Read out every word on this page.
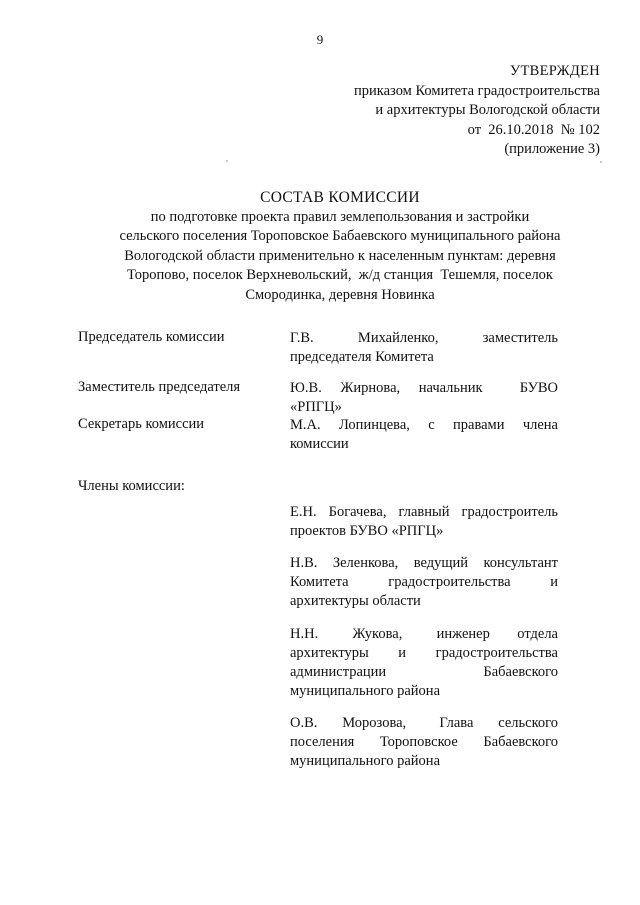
9
УТВЕРЖДЕН
приказом Комитета градостроительства
и архитектуры Вологодской области
от  26.10.2018  № 102
(приложение 3)
СОСТАВ КОМИССИИ
по подготовке проекта правил землепользования и застройки
сельского поселения Тороповское Бабаевского муниципального района
Вологодской области применительно к населенным пунктам: деревня
Торопово, поселок Верхневольский,  ж/д станция  Тешемля, поселок
Смородинка, деревня Новинка
Председатель комиссии	Г.В.        Михайленко,        заместитель
председателя Комитета
Заместитель председателя	Ю.В.  Жирнова,  начальник    БУВО
«РПГЦ»
Секретарь комиссии	М.А.  Лопинцева,  с  правами  члена
комиссии
Члены комиссии:
Е.Н. Богачева, главный градостроитель
проектов БУВО «РПГЦ»
Н.В. Зеленкова, ведущий консультант
Комитета     градостроительства     и
архитектуры области
Н.Н.     Жукова,     инженер    отдела
архитектуры     и     градостроительства
администрации             Бабаевского
муниципального района
О.В.   Морозова,    Глава   сельского
поселения   Тороповское   Бабаевского
муниципального района
